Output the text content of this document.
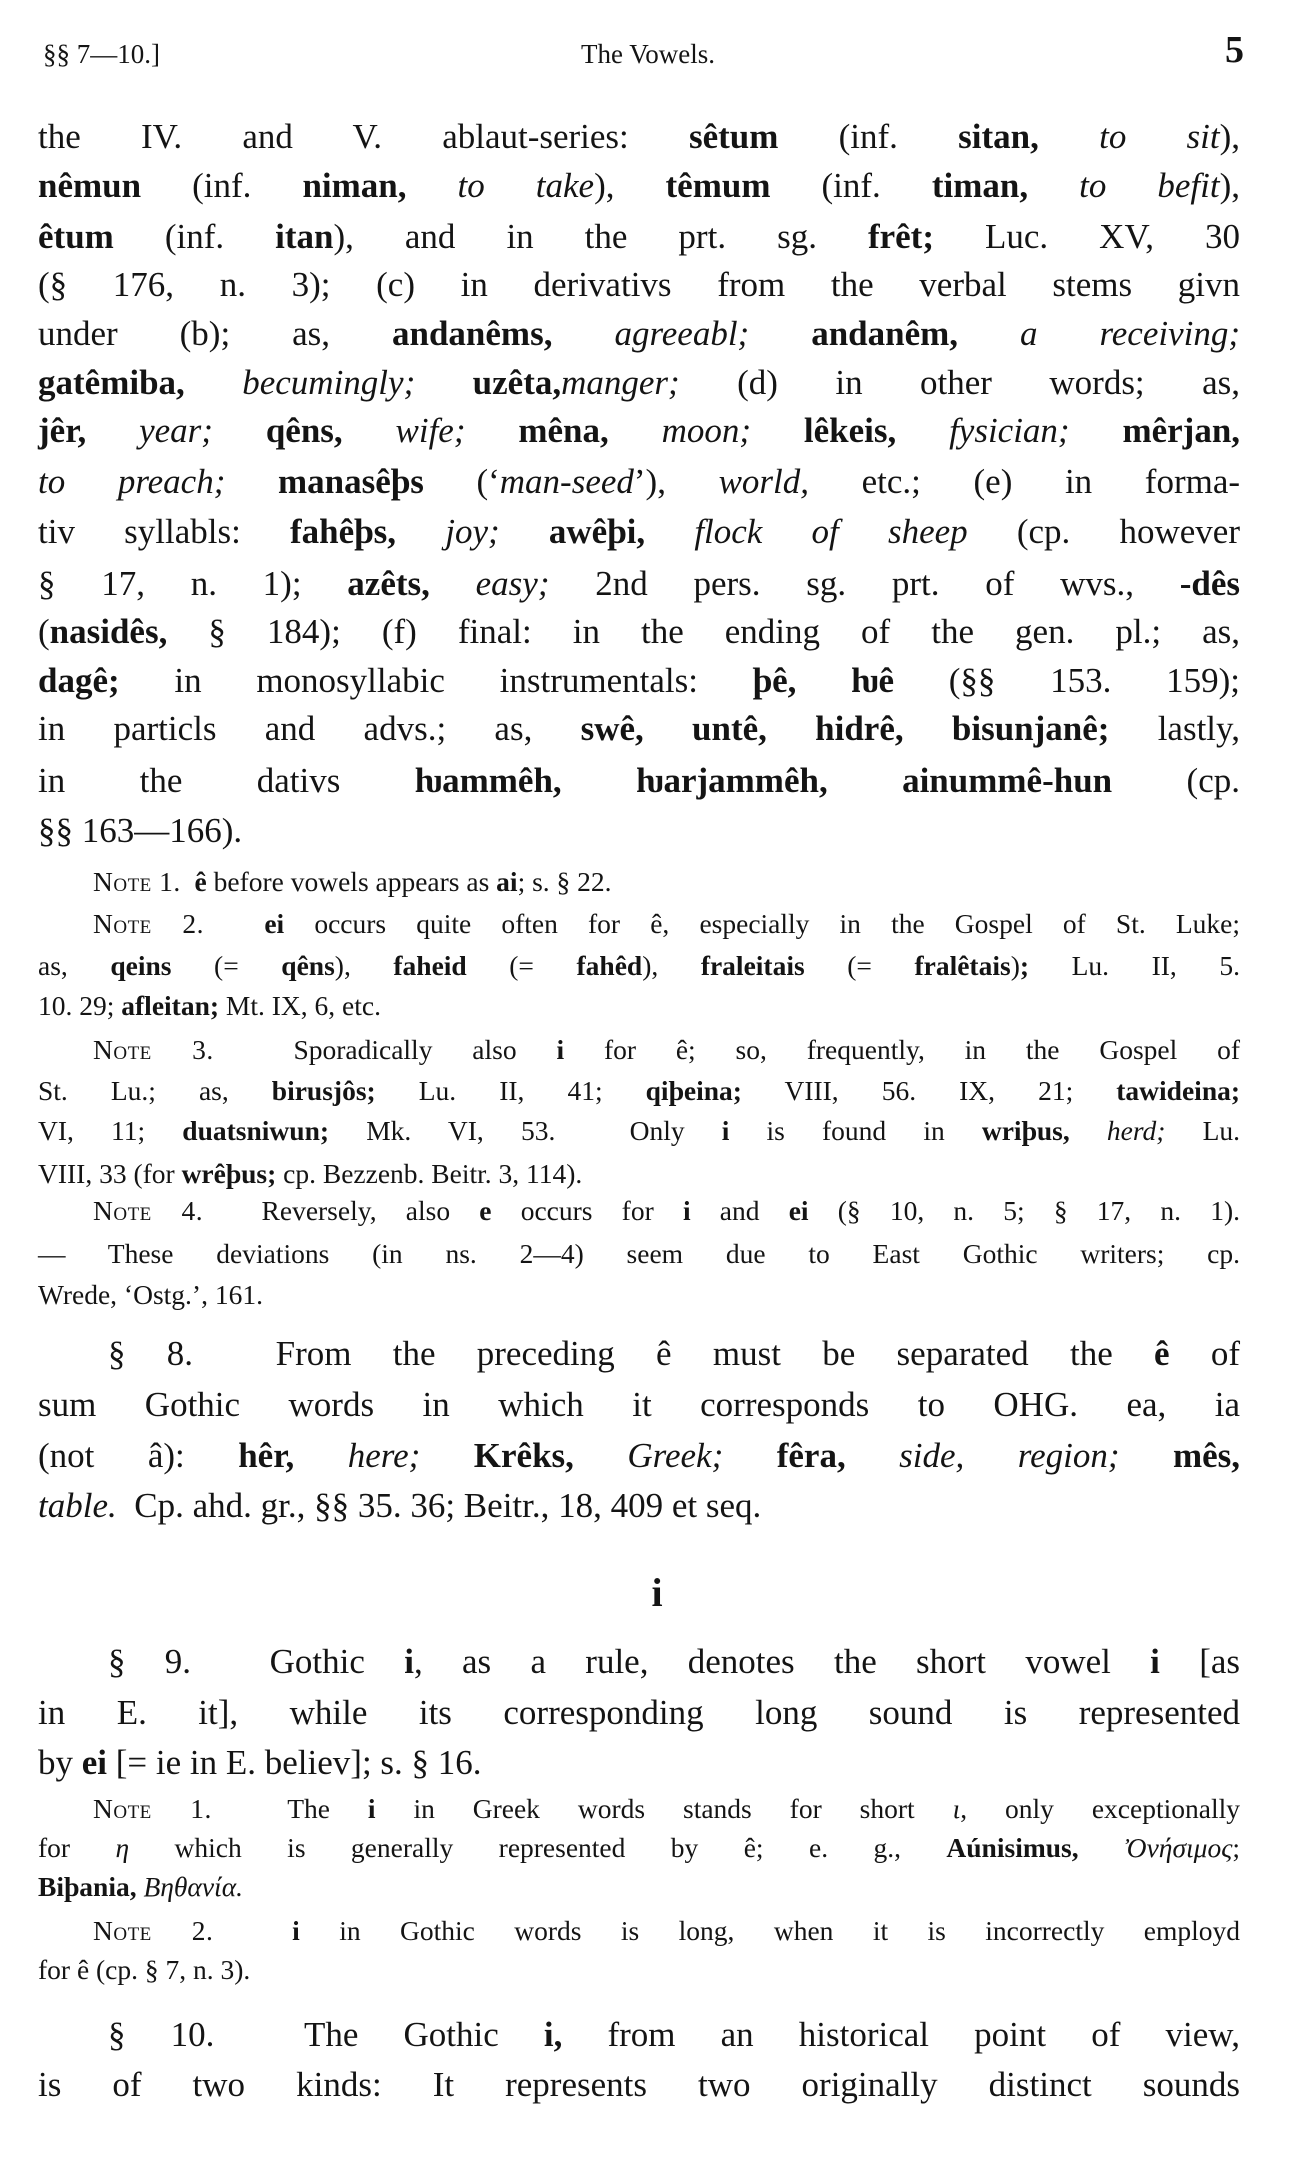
§§ 7—10.]	The Vowels.	5
the IV. and V. ablaut-series: sêtum (inf. sitan, to sit),
nêmun (inf. niman, to take), têmum (inf. timan, to befit),
êtum (inf. itan), and in the prt. sg. frêt; Luc. XV, 30
(§ 176, n. 3); (c) in derivativs from the verbal stems givn
under (b); as, andanêms, agreeabl; andanêm, a receiving;
gatêmiba, becumingly; uzêta,manger; (d) in other words; as,
jêr, year; qêns, wife; mêna, moon; lêkeis, fysician; mêrjan,
to preach; manasêþs (‘man-seed’), world, etc.; (e) in forma-
tiv syllabls: fahêþs, joy; awêþi, flock of sheep (cp. however
§ 17, n. 1); azêts, easy; 2nd pers. sg. prt. of wvs., -dês
(nasidês, § 184); (f) final: in the ending of the gen. pl.; as,
dagê; in monosyllabic instrumentals: þê, ƕê (§§ 153. 159);
in particls and advs.; as, swê, untê, hidrê, bisunjanê; lastly,
in the dativs ƕammêh, ƕarjammêh, ainummê-hun (cp.
§§ 163—166).
Note 1. ê before vowels appears as ai; s. § 22.
Note 2. ei occurs quite often for ê, especially in the Gospel of St. Luke;
as, qeins (= qêns), faheid (= fahêd), fraleitais (= fralêtais); Lu. II, 5.
10. 29; afleitan; Mt. IX, 6, etc.
Note 3.  Sporadically also i for ê; so, frequently, in the Gospel of
St. Lu.; as, birusjôs; Lu. II, 41; qiþeina; VIII, 56. IX, 21; tawideina;
VI, 11; duatsniwun; Mk. VI, 53.  Only i is found in wriþus, herd; Lu.
VIII, 33 (for wrêþus; cp. Bezzenb. Beitr. 3, 114).
Note 4.  Reversely, also e occurs for i and ei (§ 10, n. 5; § 17, n. 1).
— These deviations (in ns. 2—4) seem due to East Gothic writers; cp.
Wrede, ‘Ostg.’, 161.
§ 8.  From the preceding ê must be separated the ê of
sum Gothic words in which it corresponds to OHG. ea, ia
(not â): hêr, here; Krêks, Greek; fêra, side, region; mês,
table.  Cp. ahd. gr., §§ 35. 36; Beitr., 18, 409 et seq.
i
§ 9.  Gothic i, as a rule, denotes the short vowel i [as
in E. it], while its corresponding long sound is represented
by ei [= ie in E. believ]; s. § 16.
Note 1.  The i in Greek words stands for short ι, only exceptionally
for η which is generally represented by ê; e. g., Aúnisimus, Ὀνήσιμος;
Biþania, Βηθανία.
Note 2.	i in Gothic words is long, when it is incorrectly employd
for ê (cp. § 7, n. 3).
§ 10.  The Gothic i, from an historical point of view,
is of two kinds: It represents two originally distinct sounds
